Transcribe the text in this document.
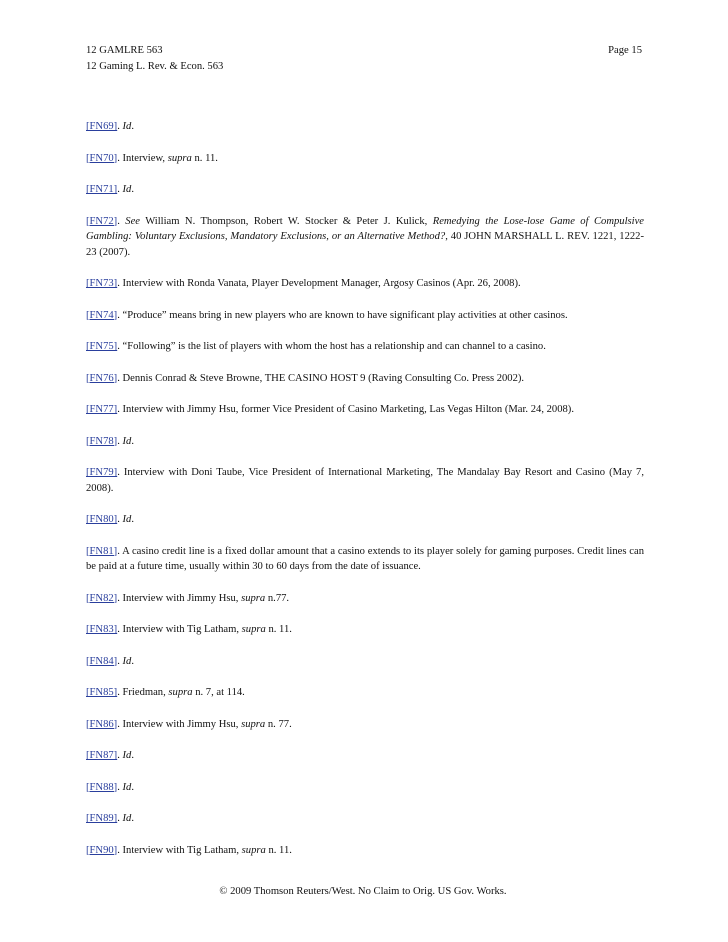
12 GAMLRE 563
12 Gaming L. Rev. & Econ. 563
Page 15
[FN69]. Id.
[FN70]. Interview, supra n. 11.
[FN71]. Id.
[FN72]. See William N. Thompson, Robert W. Stocker & Peter J. Kulick, Remedying the Lose-lose Game of Compulsive Gambling: Voluntary Exclusions, Mandatory Exclusions, or an Alternative Method?, 40 JOHN MARSHALL L. REV. 1221, 1222-23 (2007).
[FN73]. Interview with Ronda Vanata, Player Development Manager, Argosy Casinos (Apr. 26, 2008).
[FN74]. “Produce” means bring in new players who are known to have significant play activities at other casinos.
[FN75]. “Following” is the list of players with whom the host has a relationship and can channel to a casino.
[FN76]. Dennis Conrad & Steve Browne, THE CASINO HOST 9 (Raving Consulting Co. Press 2002).
[FN77]. Interview with Jimmy Hsu, former Vice President of Casino Marketing, Las Vegas Hilton (Mar. 24, 2008).
[FN78]. Id.
[FN79]. Interview with Doni Taube, Vice President of International Marketing, The Mandalay Bay Resort and Casino (May 7, 2008).
[FN80]. Id.
[FN81]. A casino credit line is a fixed dollar amount that a casino extends to its player solely for gaming purposes. Credit lines can be paid at a future time, usually within 30 to 60 days from the date of issuance.
[FN82]. Interview with Jimmy Hsu, supra n.77.
[FN83]. Interview with Tig Latham, supra n. 11.
[FN84]. Id.
[FN85]. Friedman, supra n. 7, at 114.
[FN86]. Interview with Jimmy Hsu, supra n. 77.
[FN87]. Id.
[FN88]. Id.
[FN89]. Id.
[FN90]. Interview with Tig Latham, supra n. 11.
© 2009 Thomson Reuters/West. No Claim to Orig. US Gov. Works.
